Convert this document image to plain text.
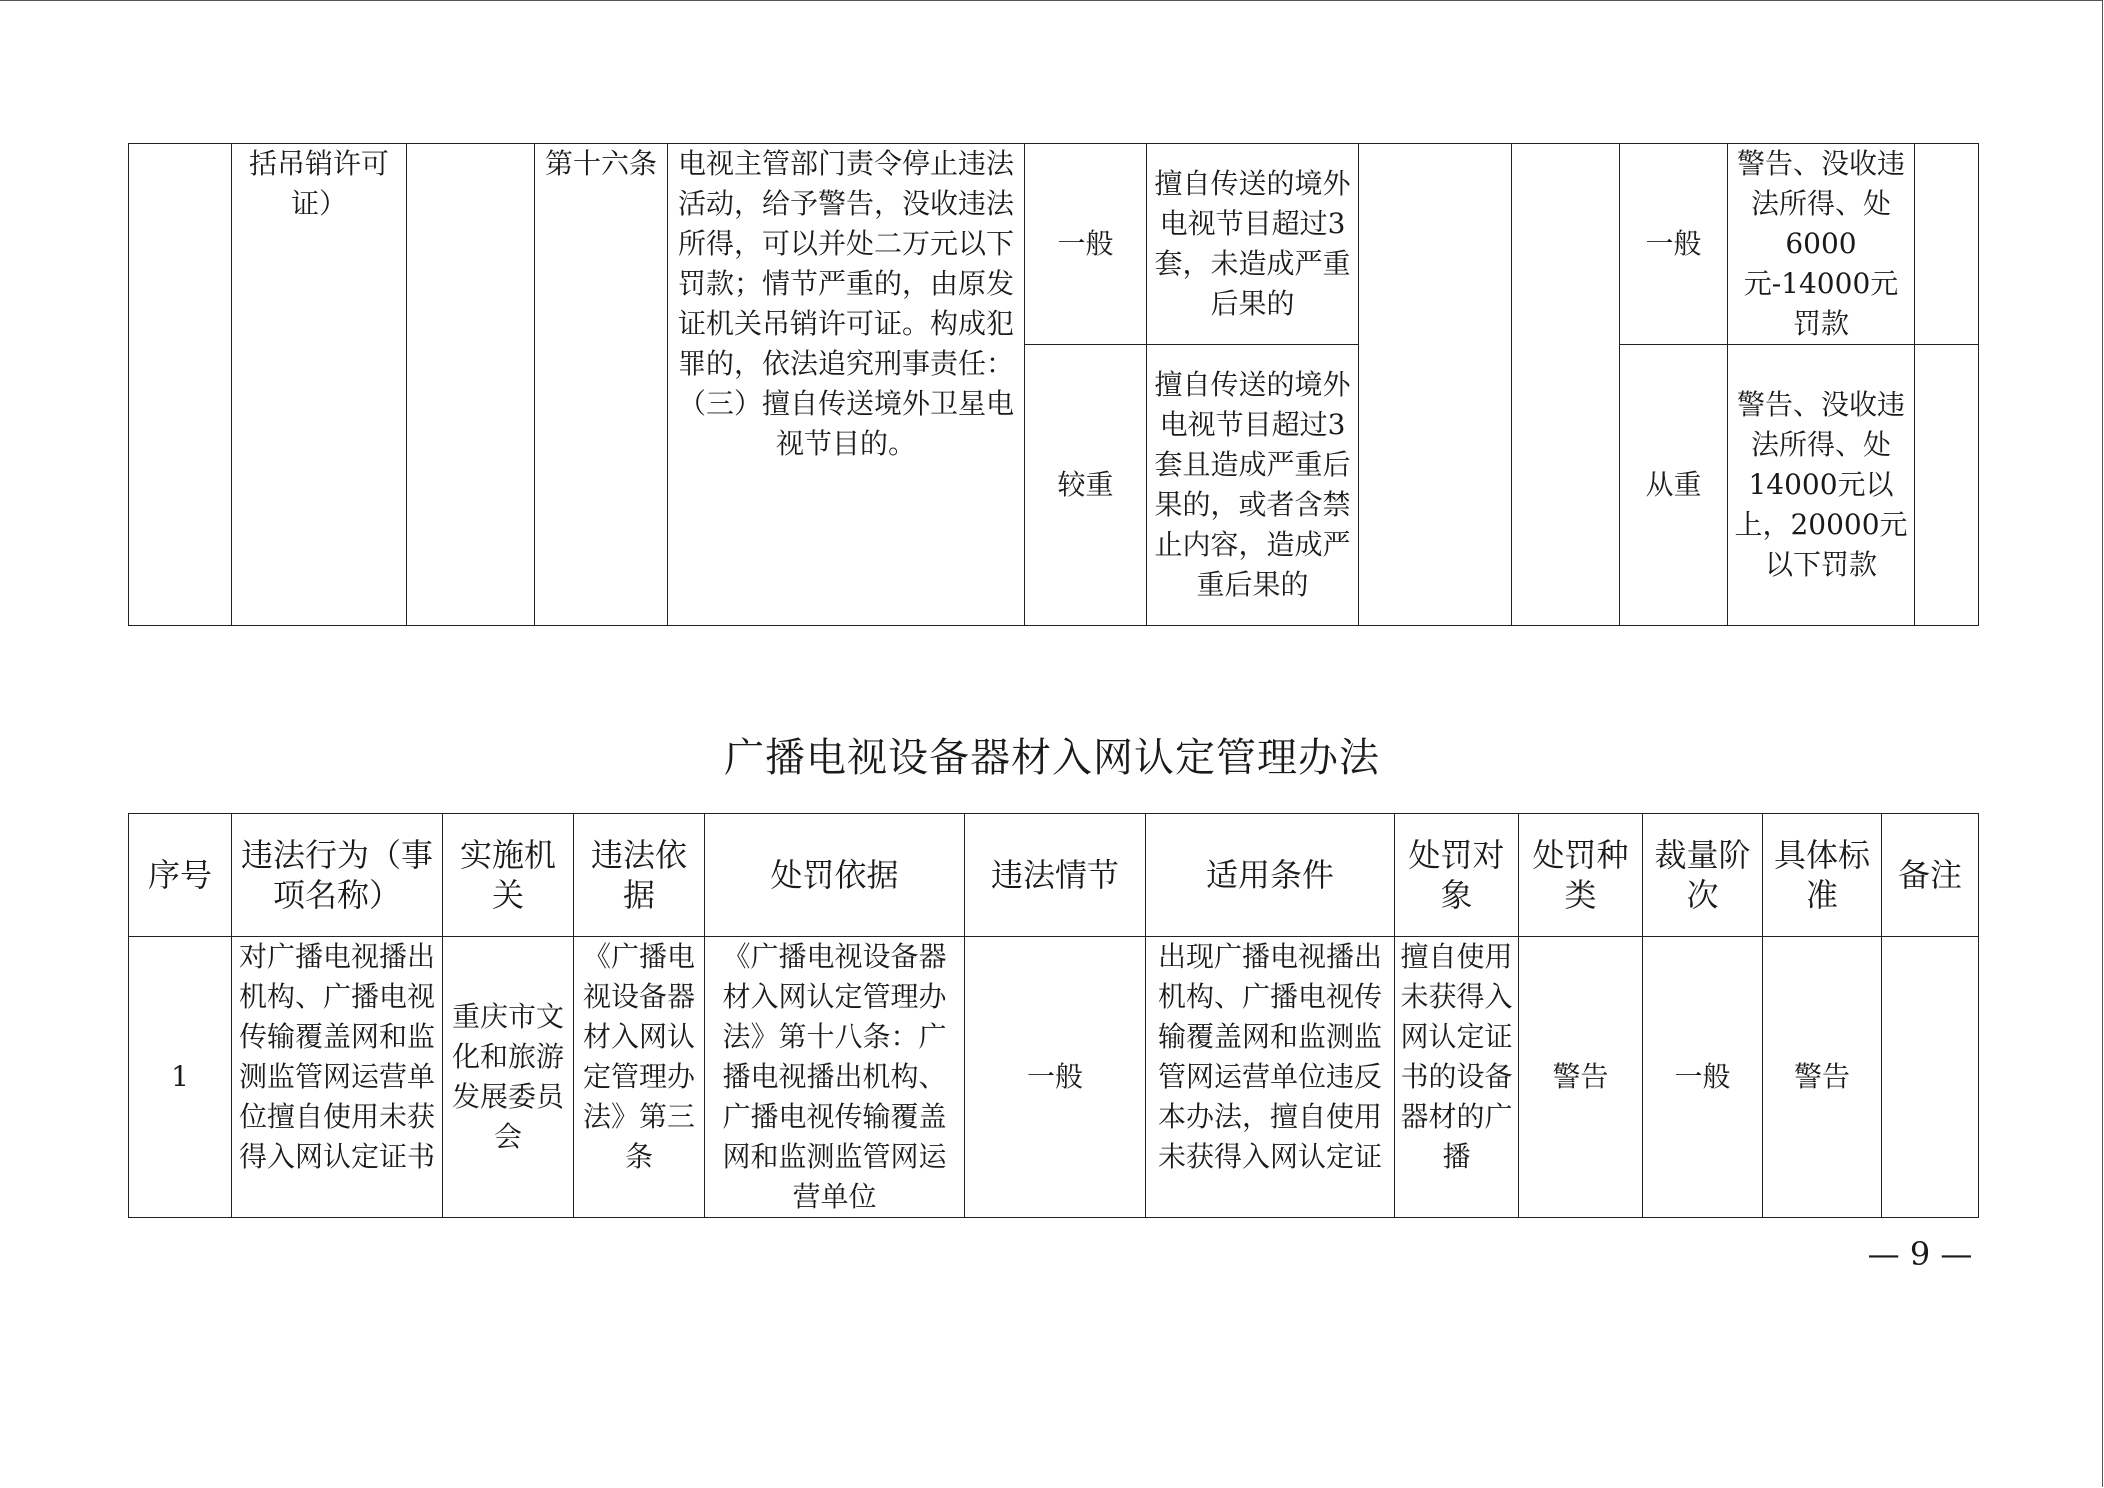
	括吊销许可证）		第十六条	电视主管部门责令停止违法活动，给予警告，没收违法所得，可以并处二万元以下罚款；情节严重的，由原发证机关吊销许可证。构成犯罪的，依法追究刑事责任：（三）擅自传送境外卫星电视节目的。	一般	擅自传送的境外电视节目超过3套，未造成严重后果的			一般	警告、没收违法所得、处6000元-14000元罚款	
					较重	擅自传送的境外电视节目超过3套且造成严重后果的，或者含禁止内容，造成严重后果的			从重	警告、没收违法所得、处14000元以上，20000元以下罚款	
广播电视设备器材入网认定管理办法
序号	违法行为（事项名称）	实施机关	违法依据	处罚依据	违法情节	适用条件	处罚对象	处罚种类	裁量阶次	具体标准	备注
1	对广播电视播出机构、广播电视传输覆盖网和监测监管网运营单位擅自使用未获得入网认定证书	重庆市文化和旅游发展委员会	《广播电视设备器材入网认定管理办法》第三条	《广播电视设备器材入网认定管理办法》第十八条：广播电视播出机构、广播电视传输覆盖网和监测监管网运营单位	一般	出现广播电视播出机构、广播电视传输覆盖网和监测监管网运营单位违反本办法，擅自使用未获得入网认定证	擅自使用未获得入网认定证书的设备器材的广播	警告	一般	警告	
— 9 —
